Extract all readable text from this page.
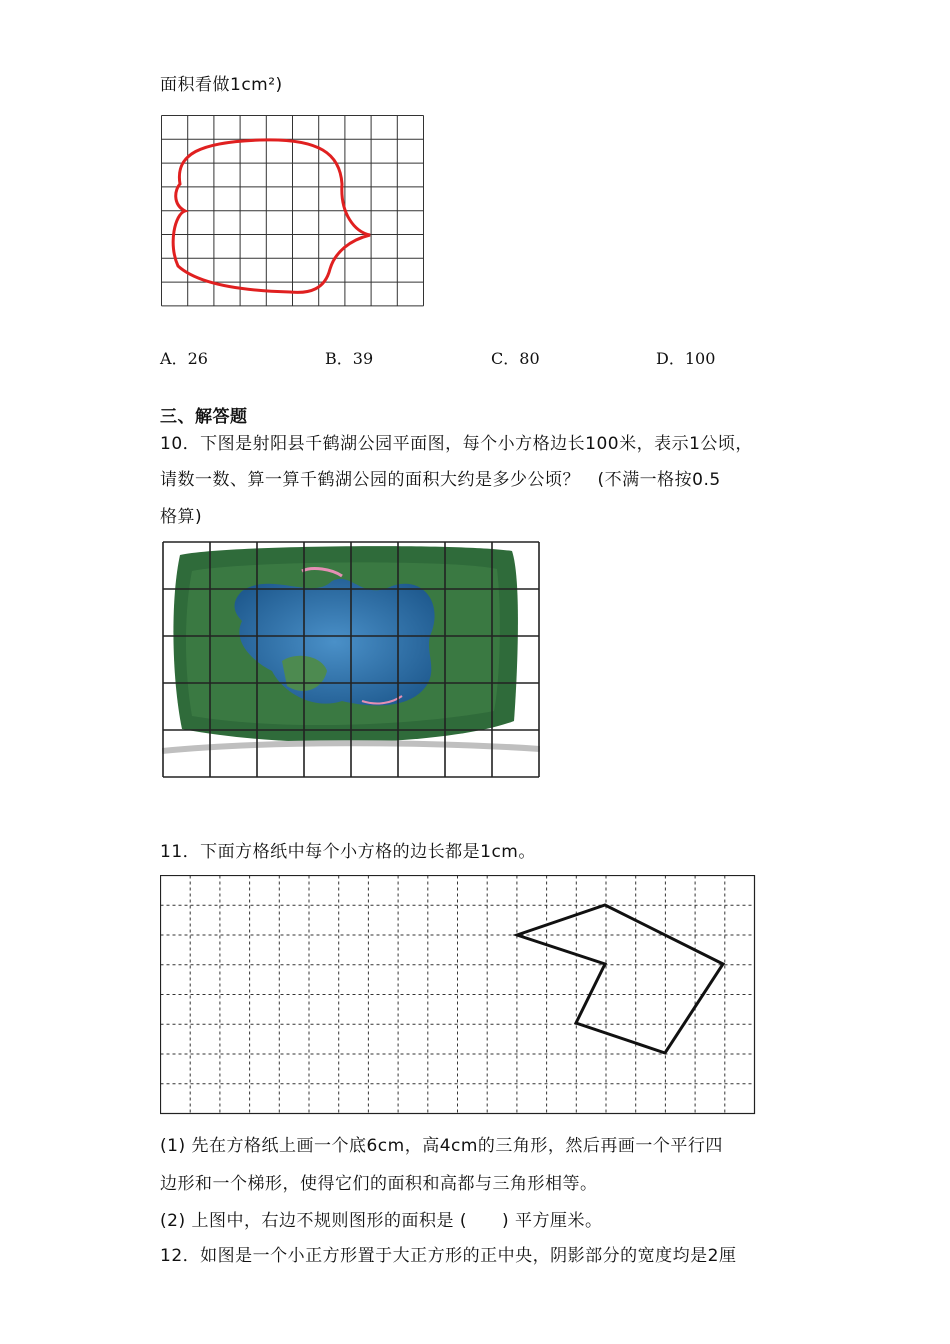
面积看做1cm²)
A．26	B．39	C．80	D．100
三、解答题
10．下图是射阳县千鹤湖公园平面图，每个小方格边长100米，表示1公顷，
请数一数、算一算千鹤湖公园的面积大约是多少公顷？　(不满一格按0.5
格算)
11．下面方格纸中每个小方格的边长都是1cm。
(1) 先在方格纸上画一个底6cm，高4cm的三角形，然后再画一个平行四
边形和一个梯形，使得它们的面积和高都与三角形相等。
(2) 上图中，右边不规则图形的面积是 (　　) 平方厘米。
12．如图是一个小正方形置于大正方形的正中央，阴影部分的宽度均是2厘
